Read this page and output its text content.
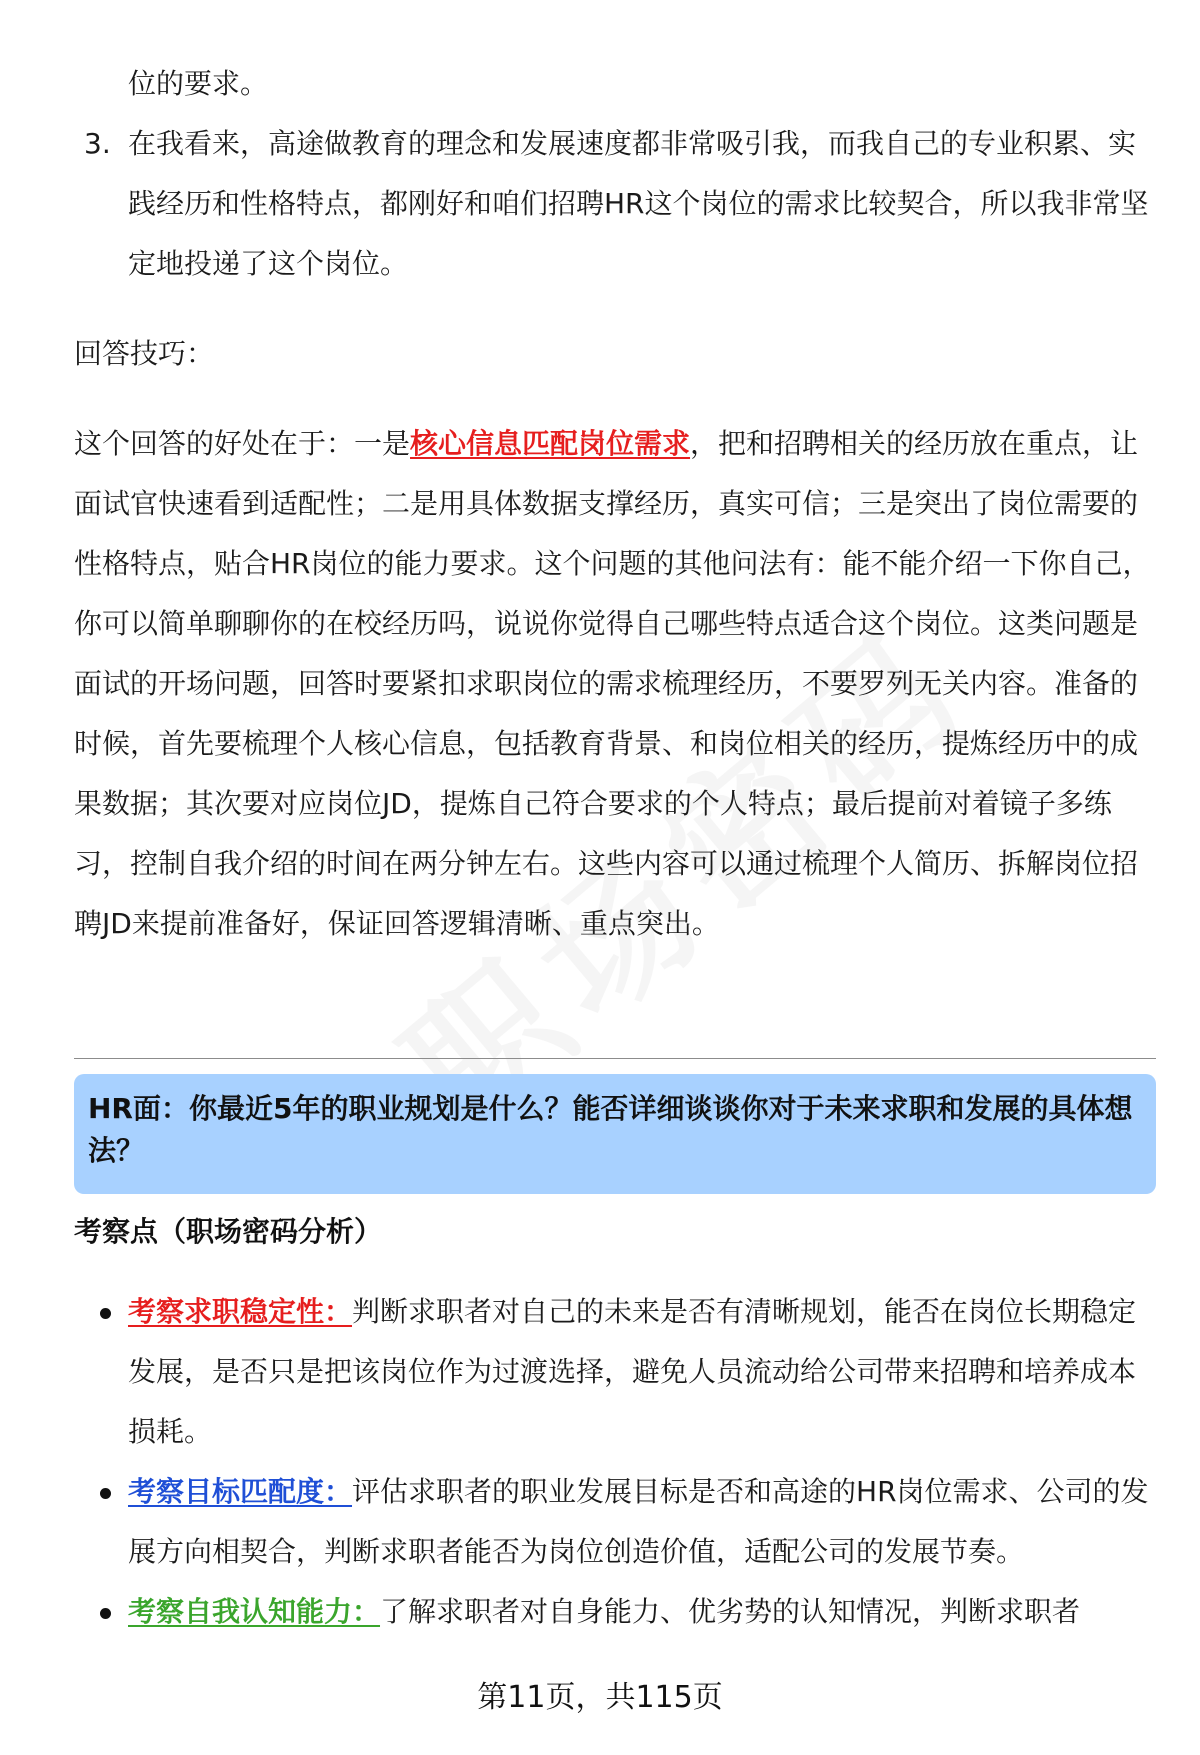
位的要求。
3. 在我看来，高途做教育的理念和发展速度都非常吸引我，而我自己的专业积累、实践经历和性格特点，都刚好和咱们招聘HR这个岗位的需求比较契合，所以我非常坚定地投递了这个岗位。
回答技巧：
这个回答的好处在于：一是核心信息匹配岗位需求，把和招聘相关的经历放在重点，让面试官快速看到适配性；二是用具体数据支撑经历，真实可信；三是突出了岗位需要的性格特点，贴合HR岗位的能力要求。这个问题的其他问法有：能不能介绍一下你自己，你可以简单聊聊你的在校经历吗，说说你觉得自己哪些特点适合这个岗位。这类问题是面试的开场问题，回答时要紧扣求职岗位的需求梳理经历，不要罗列无关内容。准备的时候，首先要梳理个人核心信息，包括教育背景、和岗位相关的经历，提炼经历中的成果数据；其次要对应岗位JD，提炼自己符合要求的个人特点；最后提前对着镜子多练习，控制自我介绍的时间在两分钟左右。这些内容可以通过梳理个人简历、拆解岗位招聘JD来提前准备好，保证回答逻辑清晰、重点突出。
HR面：你最近5年的职业规划是什么？能否详细谈谈你对于未来求职和发展的具体想法？
考察点（职场密码分析）
考察求职稳定性：判断求职者对自己的未来是否有清晰规划，能否在岗位长期稳定发展，是否只是把该岗位作为过渡选择，避免人员流动给公司带来招聘和培养成本损耗。
考察目标匹配度：评估求职者的职业发展目标是否和高途的HR岗位需求、公司的发展方向相契合，判断求职者能否为岗位创造价值，适配公司的发展节奏。
考察自我认知能力：了解求职者对自身能力、优劣势的认知情况，判断求职者
第11页，共115页
